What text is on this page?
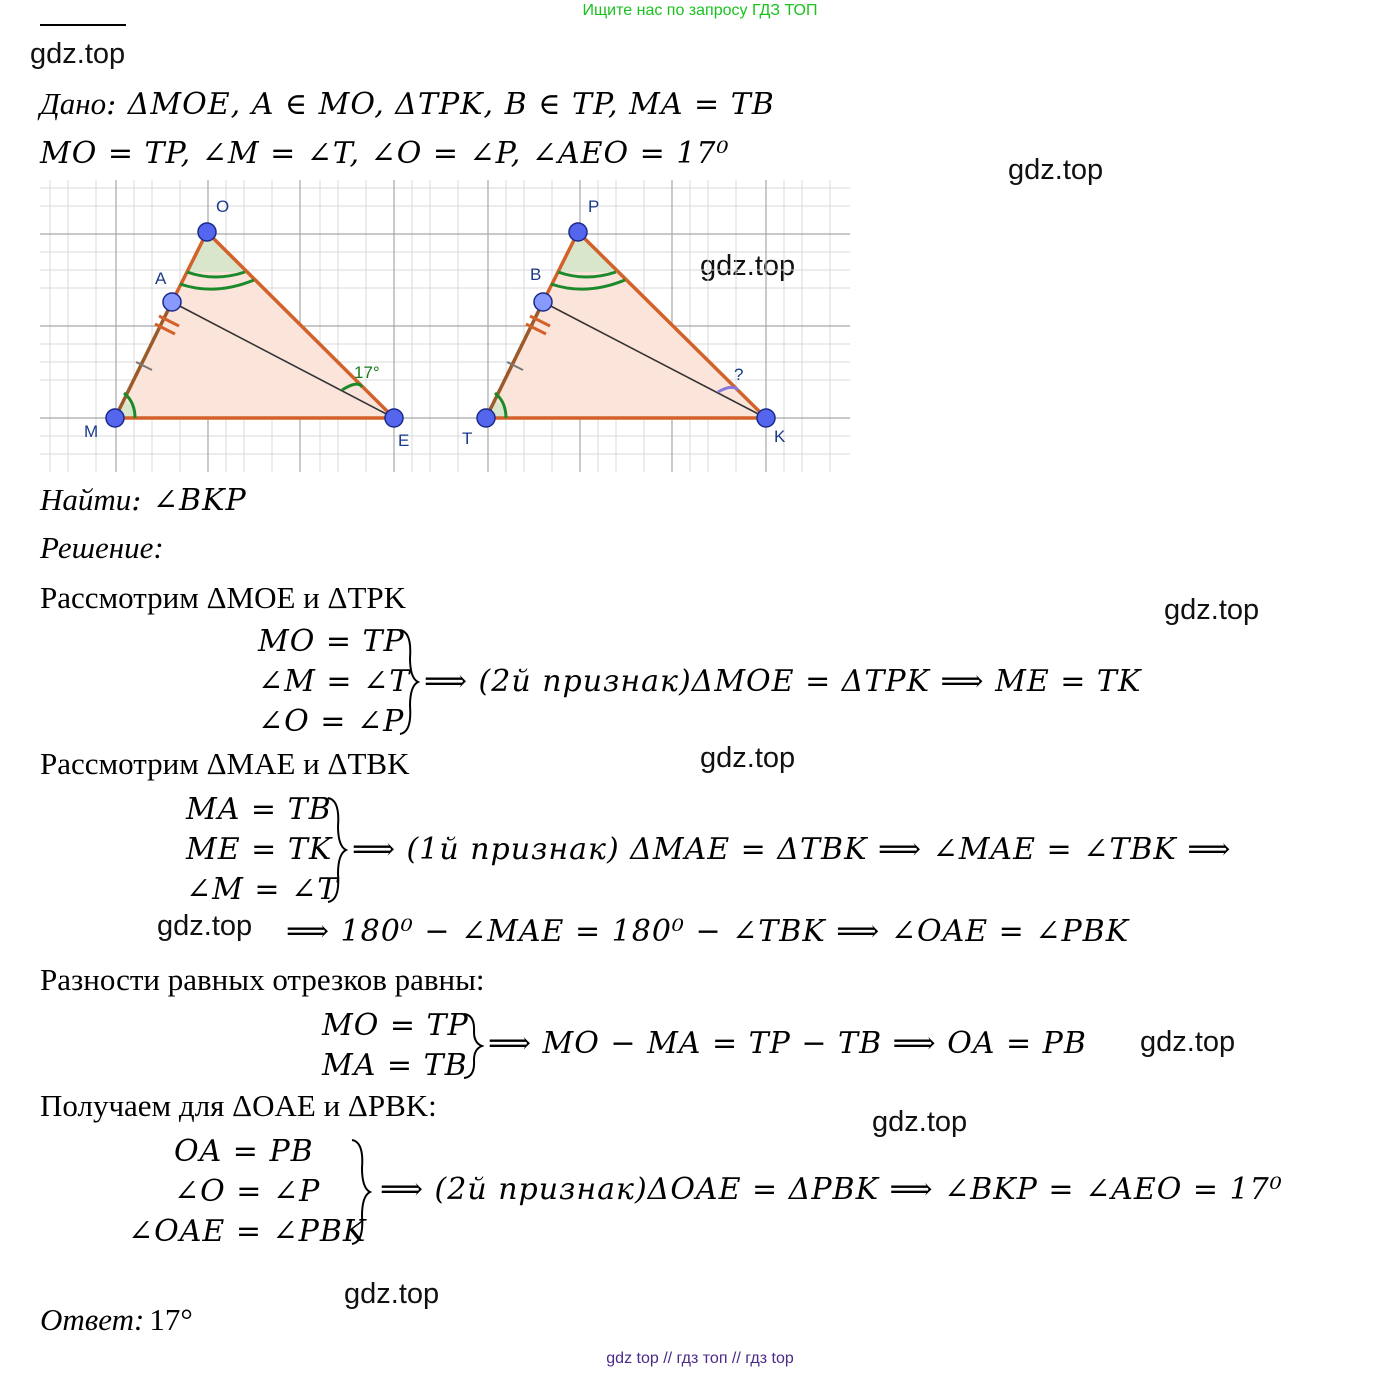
Ищите нас по запросу ГДЗ ТОП
gdz.top
gdz.top
gdz.top
gdz.top
gdz.top
gdz.top
gdz.top
gdz.top
gdz.top
Дано: ΔMOE, A ∈ MO, ΔTPK, B ∈ TP, MA = TB
MO = TP, ∠M = ∠T, ∠O = ∠P, ∠AEO = 17⁰
O
A
M	E
17°
P
B
T	K
?
Найти: ∠BKP
Решение:
Рассмотрим ΔMOE и ΔTPK
MO = TP
∠M = ∠T
∠O = ∠P
⟹ (2й признак)ΔMOE = ΔTPK ⟹ ME = TK
Рассмотрим ΔMAE и ΔTBK
MA = TB
ME = TK
∠M = ∠T
⟹ (1й признак) ΔMAE = ΔTBK ⟹ ∠MAE = ∠TBK ⟹
⟹ 180⁰ − ∠MAE = 180⁰ − ∠TBK ⟹ ∠OAE = ∠PBK
Разности равных отрезков равны:
MO = TP
MA = TB
⟹ MO − MA = TP − TB ⟹ OA = PB
Получаем для ΔOAE и ΔPBK:
OA = PB
∠O = ∠P
∠OAE = ∠PBK
⟹ (2й признак)ΔOAE = ΔPBK ⟹ ∠BKP = ∠AEO = 17⁰
Ответ: 17°
gdz top // гдз топ // гдз top
